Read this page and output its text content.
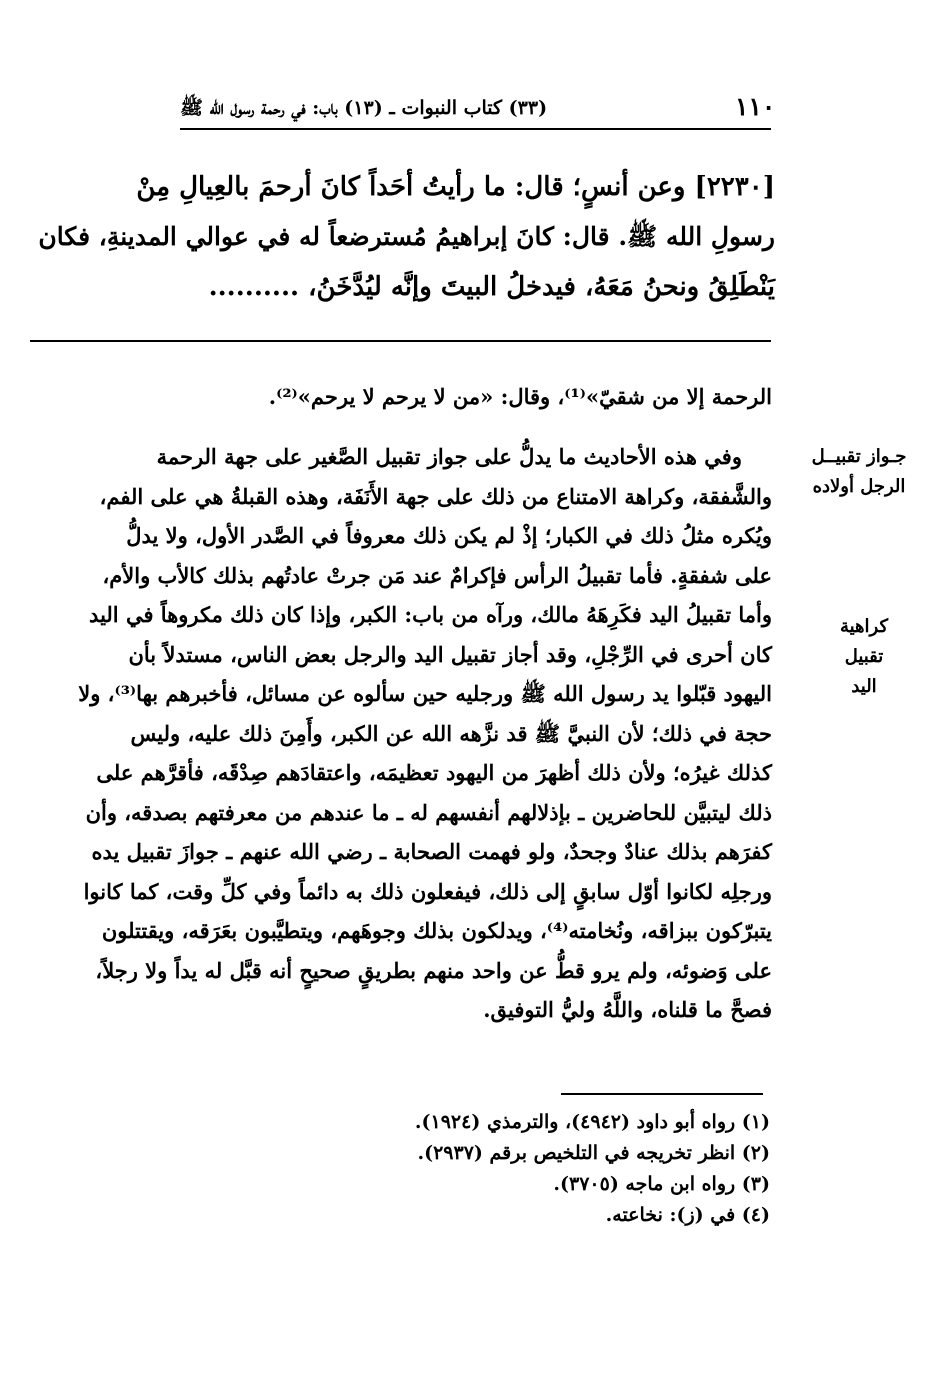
١١٠
(٣٣) كتاب النبوات ـ (١٣) باب: في رحمة رسول الله ﷺ
[٢٢٣٠] وعن أنسٍ؛ قال: ما رأيتُ أحَداً كانَ أرحمَ بالعِيالِ مِنْ
رسولِ الله ﷺ. قال: كانَ إبراهيمُ مُسترضعاً له في عوالي المدينةِ، فكان
يَنْطَلِقُ ونحنُ مَعَهُ، فيدخلُ البيتَ وإنَّه ليُدَّخَنُ، ..........
الرحمة إلا من شقيّ»⁽¹⁾، وقال: «من لا يرحم لا يرحم»⁽²⁾.
وفي هذه الأحاديث ما يدلُّ على جواز تقبيل الصَّغير على جهة الرحمة
والشَّفقة، وكراهة الامتناع من ذلك على جهة الأَنَفَة، وهذه القبلةُ هي على الفم،
ويُكره مثلُ ذلك في الكبار؛ إذْ لم يكن ذلك معروفاً في الصَّدر الأول، ولا يدلُّ
على شفقةٍ. فأما تقبيلُ الرأس فإكرامٌ عند مَن جرتْ عادتُهم بذلك كالأب والأم،
وأما تقبيلُ اليد فكَرِهَهُ مالك، ورآه من باب: الكبر، وإذا كان ذلك مكروهاً في اليد
كان أحرى في الرِّجْلِ، وقد أجاز تقبيل اليد والرجل بعض الناس، مستدلاً بأن
اليهود قبّلوا يد رسول الله ﷺ ورجليه حين سألوه عن مسائل، فأخبرهم بها⁽³⁾، ولا
حجة في ذلك؛ لأن النبيَّ ﷺ قد نزَّهه الله عن الكبر، وأَمِنَ ذلك عليه، وليس
كذلك غيرُه؛ ولأن ذلك أظهرَ من اليهود تعظيمَه، واعتقادَهم صِدْقَه، فأقرَّهم على
ذلك ليتبيَّن للحاضرين ـ بإذلالهم أنفسهم له ـ ما عندهم من معرفتهم بصدقه، وأن
كفرَهم بذلك عنادٌ وجحدٌ، ولو فهمت الصحابة ـ رضي الله عنهم ـ جوازَ تقبيل يده
ورجلِه لكانوا أوّل سابقٍ إلى ذلك، فيفعلون ذلك به دائماً وفي كلِّ وقت، كما كانوا
يتبرّكون ببزاقه، ونُخامته⁽⁴⁾، ويدلكون بذلك وجوهَهم، ويتطيَّبون بعَرَقه، ويقتتلون
على وَضوئه، ولم يرو قطُّ عن واحد منهم بطريقٍ صحيحٍ أنه قبَّل له يداً ولا رجلاً،
فصحَّ ما قلناه، واللَّهُ وليُّ التوفيق.
جـواز تقبيــل
الرجل أولاده
كراهية
تقبيل
اليد
(١) رواه أبو داود (٤٩٤٢)، والترمذي (١٩٢٤).
(٢) انظر تخريجه في التلخيص برقم (٢٩٣٧).
(٣) رواه ابن ماجه (٣٧٠٥).
(٤) في (ز): نخاعته.
